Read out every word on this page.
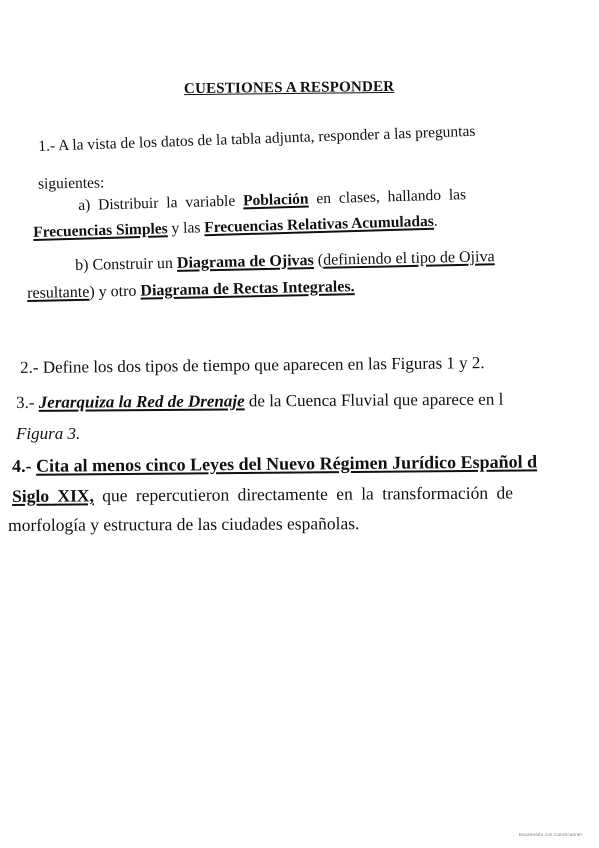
CUESTIONES A RESPONDER
1.- A la vista de los datos de la tabla adjunta, responder a las preguntas
siguientes:
a) Distribuir la variable Población en clases, hallando las
Frecuencias Simples y las Frecuencias Relativas Acumuladas.
b) Construir un Diagrama de Ojivas (definiendo el tipo de Ojiva
resultante) y otro Diagrama de Rectas Integrales.
2.- Define los dos tipos de tiempo que aparecen en las Figuras 1 y 2.
3.- Jerarquiza la Red de Drenaje de la Cuenca Fluvial que aparece en l
Figura 3.
4.- Cita al menos cinco Leyes del Nuevo Régimen Jurídico Español d
Siglo XIX, que repercutieron directamente en la transformación de
morfología y estructura de las ciudades españolas.
Escaneado con CamScanner
